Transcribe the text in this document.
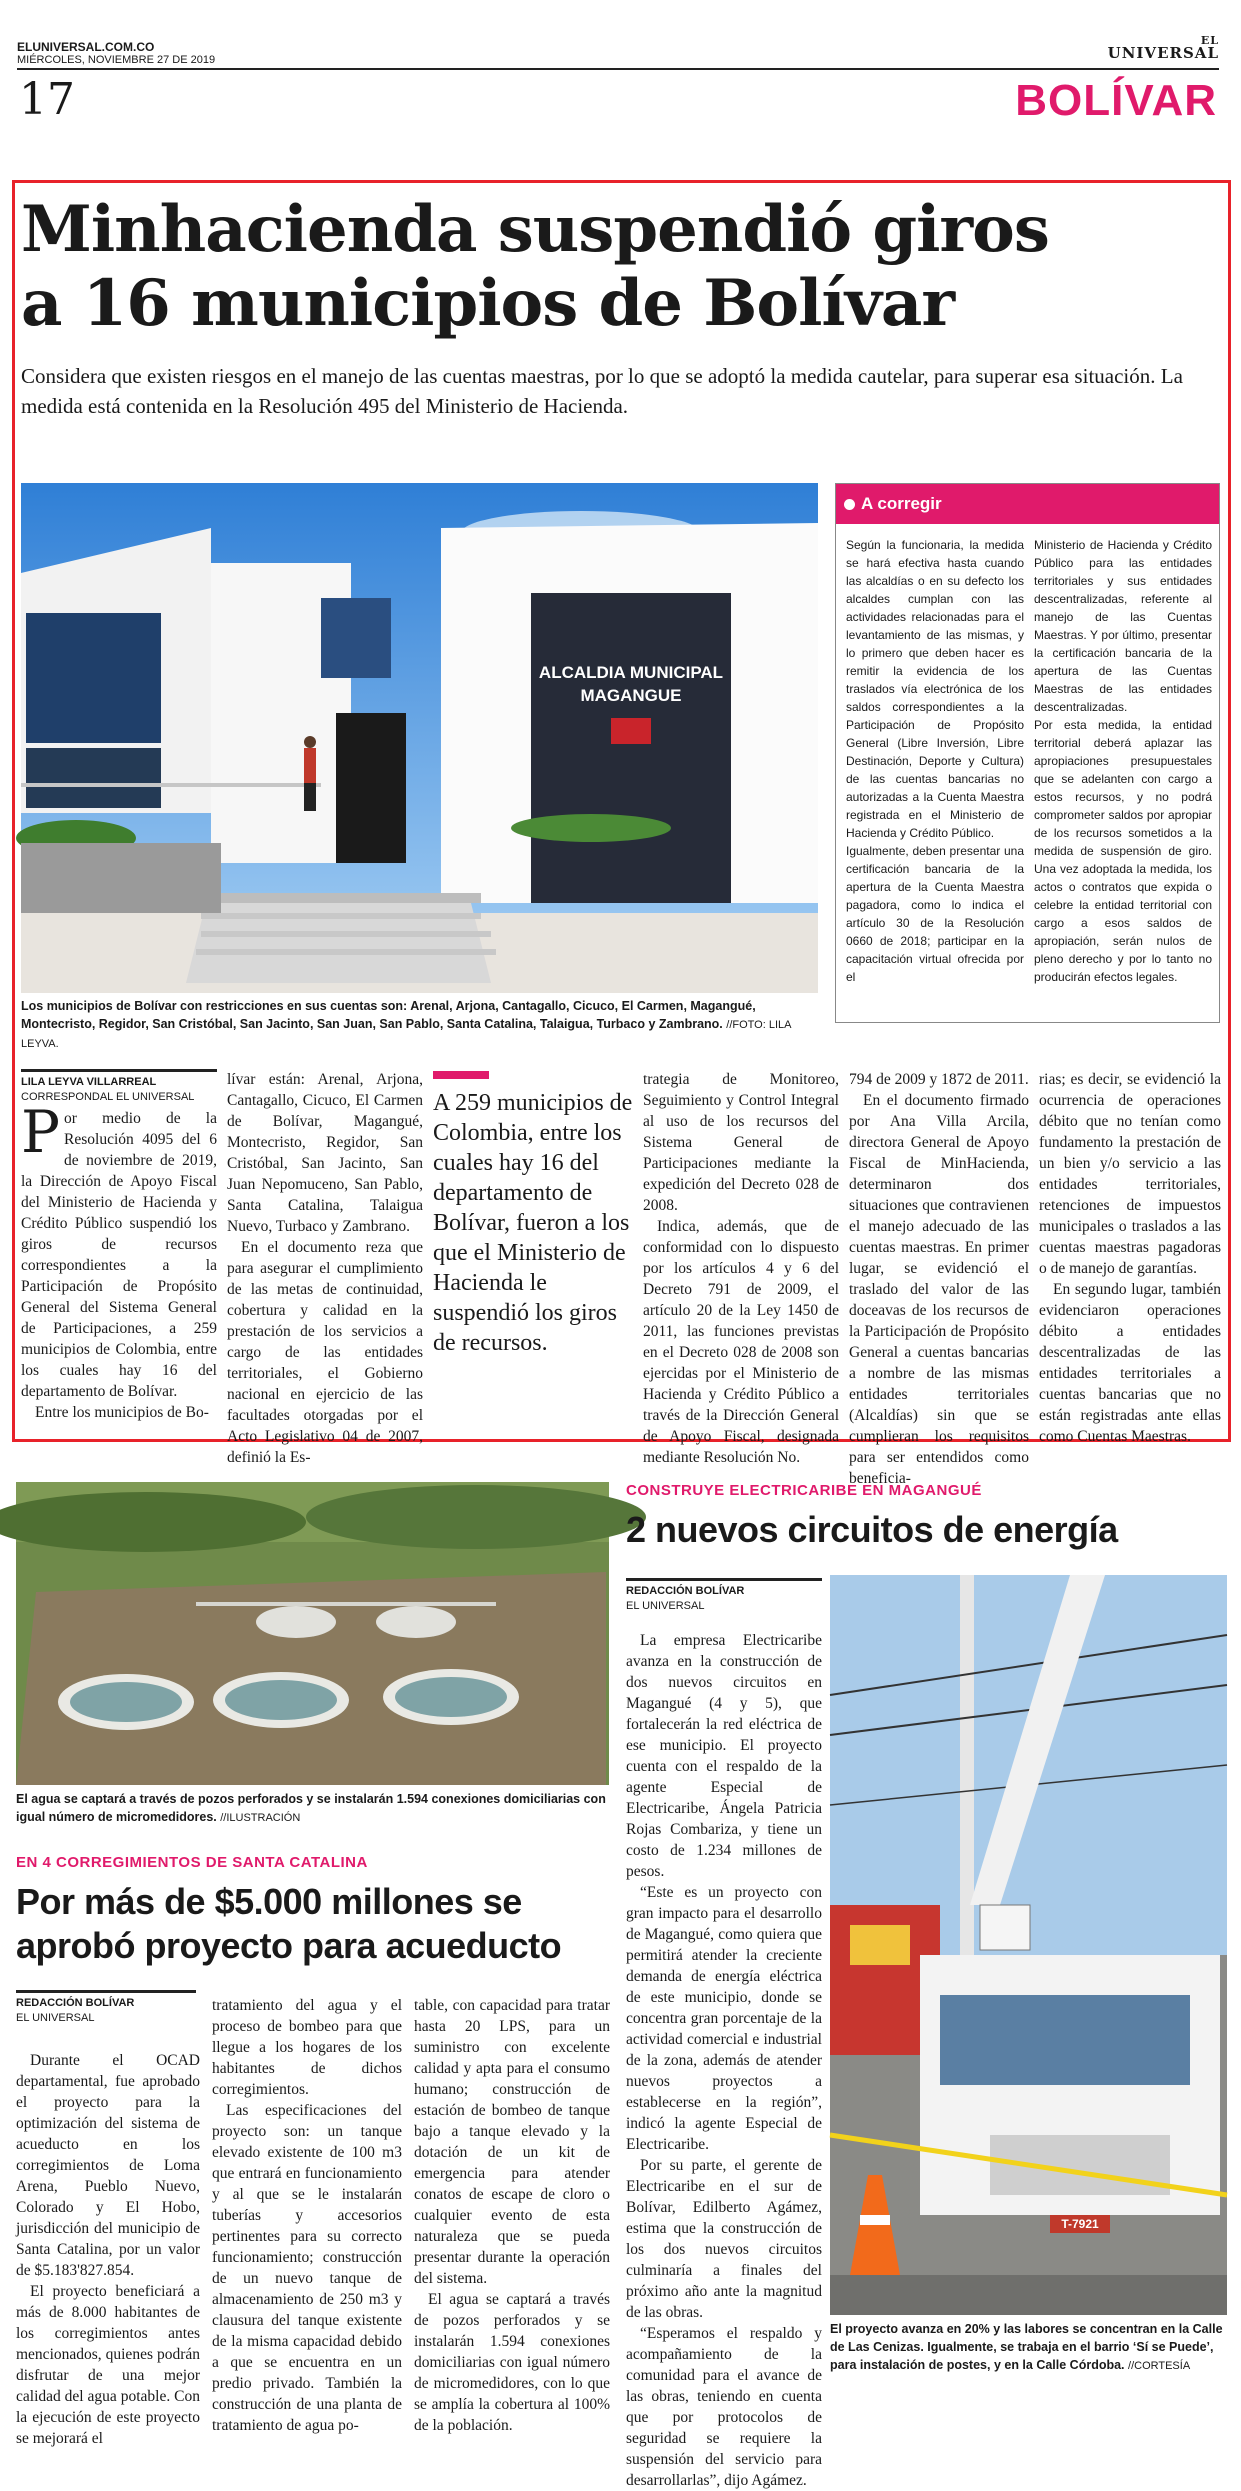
ELUNIVERSAL.COM.CO
MIÉRCOLES, NOVIEMBRE 27 DE 2019
EL
UNIVERSAL
17	BOLÍVAR
Minhacienda suspendió giros
a 16 municipios de Bolívar
Considera que existen riesgos en el manejo de las cuentas maestras, por lo que se adoptó la medida cautelar, para superar esa situación. La medida está contenida en la Resolución 495 del Ministerio de Hacienda.
ALCALDIA MUNICIPAL
MAGANGUE
Los municipios de Bolívar con restricciones en sus cuentas son: Arenal, Arjona, Cantagallo, Cicuco, El Carmen, Magangué, Montecristo, Regidor, San Cristóbal, San Jacinto, San Juan, San Pablo, Santa Catalina, Talaigua, Turbaco y Zambrano. //FOTO: LILA LEYVA.
A corregir

Según la funcionaria, la medida se hará efectiva hasta cuando las alcaldías o en su defecto los alcaldes cumplan con las actividades relacionadas para el levantamiento de las mismas, y lo primero que deben hacer es remitir la evidencia de los traslados vía electrónica de los saldos correspondientes a la Participación de Propósito General (Libre Inversión, Libre Destinación, Deporte y Cultura) de las cuentas bancarias no autorizadas a la Cuenta Maestra registrada en el Ministerio de Hacienda y Crédito Público.

Igualmente, deben presentar una certificación bancaria de la apertura de la Cuenta Maestra pagadora, como lo indica el artículo 30 de la Resolución 0660 de 2018; participar en la capacitación virtual ofrecida por el

Ministerio de Hacienda y Crédito Público para las entidades territoriales y sus entidades descentralizadas, referente al manejo de las Cuentas Maestras. Y por último, presentar la certificación bancaria de la apertura de las Cuentas Maestras de las entidades descentralizadas.

Por esta medida, la entidad territorial deberá aplazar las apropiaciones presupuestales que se adelanten con cargo a estos recursos, y no podrá comprometer saldos por apropiar de los recursos sometidos a la medida de suspensión de giro. Una vez adoptada la medida, los actos o contratos que expida o celebre la entidad territorial con cargo a esos saldos de apropiación, serán nulos de pleno derecho y por lo tanto no producirán efectos legales.

LILA LEYVA VILLARREAL
CORRESPONDAL EL UNIVERSAL

Por medio de la Resolución 4095 del 6 de noviembre de 2019, la Dirección de Apoyo Fiscal del Ministerio de Hacienda y Crédito Público suspendió los giros de recursos correspondientes a la Participación de Propósito General del Sistema General de Participaciones, a 259 municipios de Colombia, entre los cuales hay 16 del departamento de Bolívar.

Entre los municipios de Bo-

lívar están: Arenal, Arjona, Cantagallo, Cicuco, El Carmen de Bolívar, Magangué, Montecristo, Regidor, San Cristóbal, San Jacinto, San Juan Nepomuceno, San Pablo, Santa Catalina, Talaigua Nuevo, Turbaco y Zambrano.

En el documento reza que para asegurar el cumplimiento de las metas de continuidad, cobertura y calidad en la prestación de los servicios a cargo de las entidades territoriales, el Gobierno nacional en ejercicio de las facultades otorgadas por el Acto Legislativo 04 de 2007, definió la Es-

A 259 municipios de Colombia, entre los cuales hay 16 del departamento de Bolívar, fueron a los que el Ministerio de Hacienda le suspendió los giros de recursos.

trategia de Monitoreo, Seguimiento y Control Integral al uso de los recursos del Sistema General de Participaciones mediante la expedición del Decreto 028 de 2008.

Indica, además, que de conformidad con lo dispuesto por los artículos 4 y 6 del Decreto 791 de 2009, el artículo 20 de la Ley 1450 de 2011, las funciones previstas en el Decreto 028 de 2008 son ejercidas por el Ministerio de Hacienda y Crédito Público a través de la Dirección General de Apoyo Fiscal, designada mediante Resolución No.

794 de 2009 y 1872 de 2011.

En el documento firmado por Ana Villa Arcila, directora General de Apoyo Fiscal de MinHacienda, determinaron dos situaciones que contravienen el manejo adecuado de las cuentas maestras. En primer lugar, se evidenció el traslado del valor de las doceavas de los recursos de la Participación de Propósito General a cuentas bancarias a nombre de las mismas entidades territoriales (Alcaldías) sin que se cumplieran los requisitos para ser entendidos como beneficia-

rias; es decir, se evidenció la ocurrencia de operaciones débito que no tenían como fundamento la prestación de un bien y/o servicio a las entidades territoriales, retenciones de impuestos municipales o traslados a las cuentas maestras pagadoras o de manejo de garantías.

En segundo lugar, también evidenciaron operaciones débito a entidades descentralizadas de las entidades territoriales a cuentas bancarias que no están registradas ante ellas como Cuentas Maestras.

El agua se captará a través de pozos perforados y se instalarán 1.594 conexiones domiciliarias con igual número de micromedidores. //ILUSTRACIÓN
EN 4 CORREGIMIENTOS DE SANTA CATALINA
Por más de $5.000 millones se aprobó proyecto para acueducto
REDACCIÓN BOLÍVAR
EL UNIVERSAL

Durante el OCAD departamental, fue aprobado el proyecto para la optimización del sistema de acueducto en los corregimientos de Loma Arena, Pueblo Nuevo, Colorado y El Hobo, jurisdicción del municipio de Santa Catalina, por un valor de $5.183'827.854.

El proyecto beneficiará a más de 8.000 habitantes de los corregimientos antes mencionados, quienes podrán disfrutar de una mejor calidad del agua potable. Con la ejecución de este proyecto se mejorará el

tratamiento del agua y el proceso de bombeo para que llegue a los hogares de los habitantes de dichos corregimientos.

Las especificaciones del proyecto son: un tanque elevado existente de 100 m3 que entrará en funcionamiento y al que se le instalarán tuberías y accesorios pertinentes para su correcto funcionamiento; construcción de un nuevo tanque de almacenamiento de 250 m3 y clausura del tanque existente de la misma capacidad debido a que se encuentra en un predio privado. También la construcción de una planta de tratamiento de agua po-

table, con capacidad para tratar hasta 20 LPS, para un suministro con excelente calidad y apta para el consumo humano; construcción de estación de bombeo de tanque bajo a tanque elevado y la dotación de un kit de emergencia para atender conatos de escape de cloro o cualquier evento de esta naturaleza que se pueda presentar durante la operación del sistema.

El agua se captará a través de pozos perforados y se instalarán 1.594 conexiones domiciliarias con igual número de micromedidores, con lo que se amplía la cobertura al 100% de la población.

CONSTRUYE ELECTRICARIBE EN MAGANGUÉ
2 nuevos circuitos de energía
REDACCIÓN BOLÍVAR
EL UNIVERSAL

La empresa Electricaribe avanza en la construcción de dos nuevos circuitos en Magangué (4 y 5), que fortalecerán la red eléctrica de ese municipio. El proyecto cuenta con el respaldo de la agente Especial de Electricaribe, Ángela Patricia Rojas Combariza, y tiene un costo de 1.234 millones de pesos.

“Este es un proyecto con gran impacto para el desarrollo de Magangué, como quiera que permitirá atender la creciente demanda de energía eléctrica de este municipio, donde se concentra gran porcentaje de la actividad comercial e industrial de la zona, además de atender nuevos proyectos a establecerse en la región”, indicó la agente Especial de Electricaribe.

Por su parte, el gerente de Electricaribe en el sur de Bolívar, Edilberto Agámez, estima que la construcción de los dos nuevos circuitos culminaría a finales del próximo año ante la magnitud de las obras.

“Esperamos el respaldo y acompañamiento de la comunidad para el avance de las obras, teniendo en cuenta que por protocolos de seguridad se requiere la suspensión del servicio para desarrollarlas”, dijo Agámez.

T-7921
El proyecto avanza en 20% y las labores se concentran en la Calle de Las Cenizas. Igualmente, se trabaja en el barrio ‘Sí se Puede’, para instalación de postes, y en la Calle Córdoba. //CORTESÍA
